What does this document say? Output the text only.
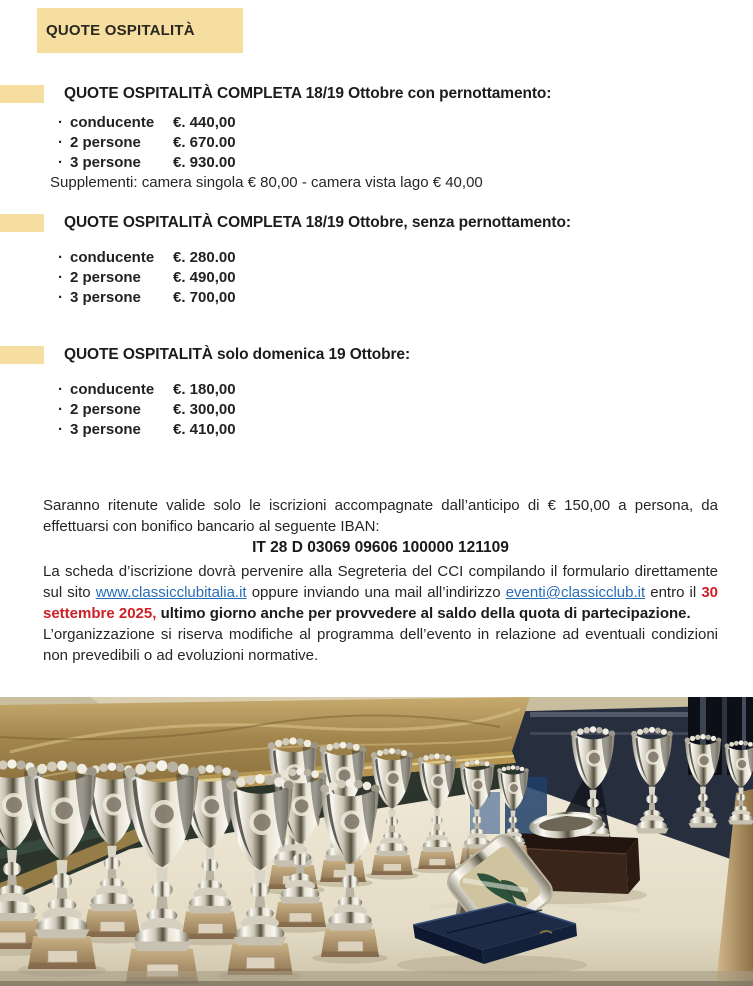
QUOTE OSPITALITÀ
QUOTE OSPITALITÀ COMPLETA 18/19 Ottobre con pernottamento:
· conducente	€. 440,00
· 2 persone	€. 670.00
· 3 persone	€. 930.00

Supplementi: camera singola € 80,00 - camera vista lago € 40,00

QUOTE OSPITALITÀ COMPLETA 18/19 Ottobre, senza pernottamento:
· conducente	€. 280.00
· 2 persone	€. 490,00
· 3 persone	€. 700,00
QUOTE OSPITALITÀ solo domenica 19 Ottobre:
· conducente	€. 180,00
· 2 persone	€. 300,00
· 3 persone	€. 410,00

Saranno ritenute valide solo le iscrizioni accompagnate dall’anticipo di € 150,00 a persona, da effettuarsi con bonifico bancario al seguente IBAN:

IT 28 D 03069 09606 100000 121109

La scheda d’iscrizione dovrà pervenire alla Segreteria del CCI compilando il formulario direttamente sul sito www.classicclubitalia.it oppure inviando una mail all’indirizzo eventi@classicclub.it entro il 30 settembre 2025, ultimo giorno anche per provvedere al saldo della quota di partecipazione.

L’organizzazione si riserva modifiche al programma dell’evento in relazione ad eventuali condizioni non prevedibili o ad evoluzioni normative.
